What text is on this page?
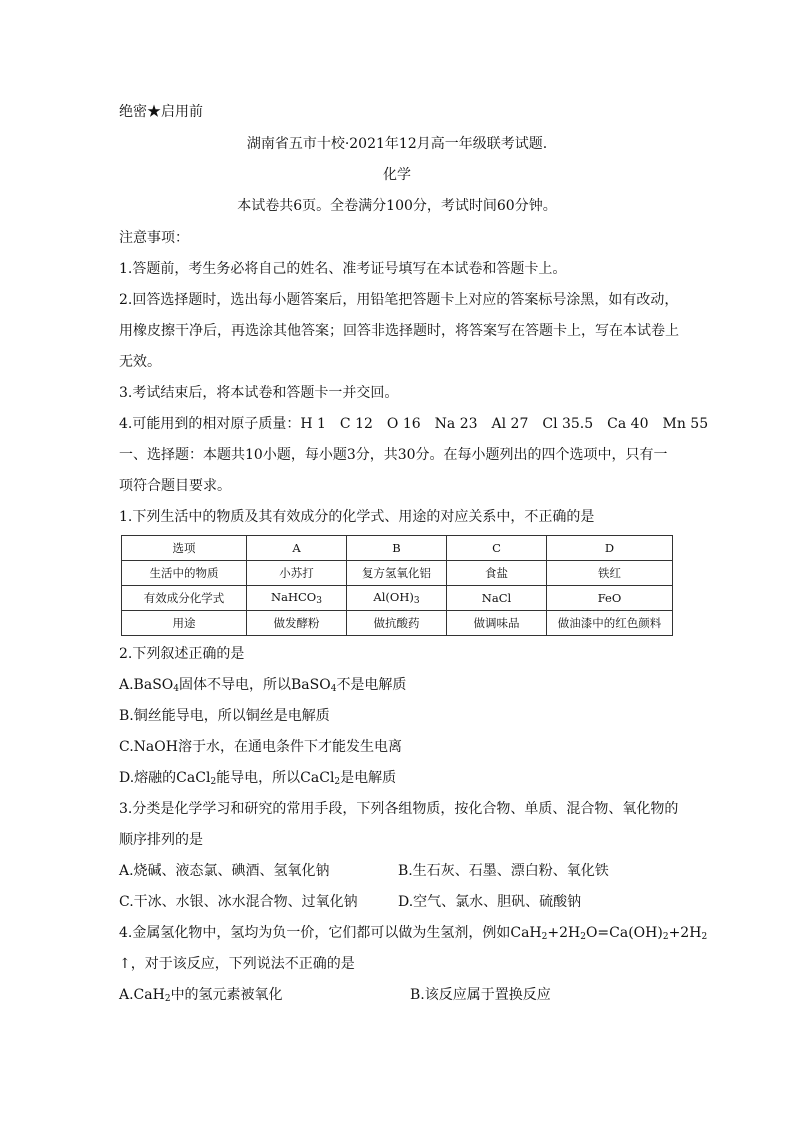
绝密★启用前
湖南省五市十校·2021年12月高一年级联考试题.
化学
本试卷共6页。全卷满分100分，考试时间60分钟。
注意事项：
1.答题前，考生务必将自己的姓名、准考证号填写在本试卷和答题卡上。
2.回答选择题时，选出每小题答案后，用铅笔把答题卡上对应的答案标号涂黑，如有改动，
用橡皮擦干净后，再选涂其他答案；回答非选择题时，将答案写在答题卡上，写在本试卷上
无效。
3.考试结束后，将本试卷和答题卡一并交回。
4.可能用到的相对原子质量：H 1　C 12　O 16　Na 23　Al 27　Cl 35.5　Ca 40　Mn 55
一、选择题：本题共10小题，每小题3分，共30分。在每小题列出的四个选项中，只有一
项符合题目要求。
1.下列生活中的物质及其有效成分的化学式、用途的对应关系中，不正确的是
选项	A	B	C	D
生活中的物质	小苏打	复方氢氧化铝	食盐	铁红
有效成分化学式	NaHCO$_3$	$Al(OH)_3$	NaCl	FeO
用途	做发酵粉	做抗酸药	做调味品	做油漆中的红色颜料
2.下列叙述正确的是
A.BaSO$_4$固体不导电，所以BaSO$_4$不是电解质
B.铜丝能导电，所以铜丝是电解质
C.NaOH溶于水，在通电条件下才能发生电离
D.熔融的CaCl$_2$能导电，所以CaCl$_2$是电解质
3.分类是化学学习和研究的常用手段，下列各组物质，按化合物、单质、混合物、氧化物的
顺序排列的是
A.烧碱、液态氯、碘酒、氢氧化钠	B.生石灰、石墨、漂白粉、氧化铁
C.干冰、水银、冰水混合物、过氧化钠	D.空气、氯水、胆矾、硫酸钠
4.金属氢化物中，氢均为负一价，它们都可以做为生氢剂，例如$CaH_2+2H_2O=Ca(OH)_2+2H_2$
↑，对于该反应，下列说法不正确的是
A.CaH$_2$中的氢元素被氧化	B.该反应属于置换反应
